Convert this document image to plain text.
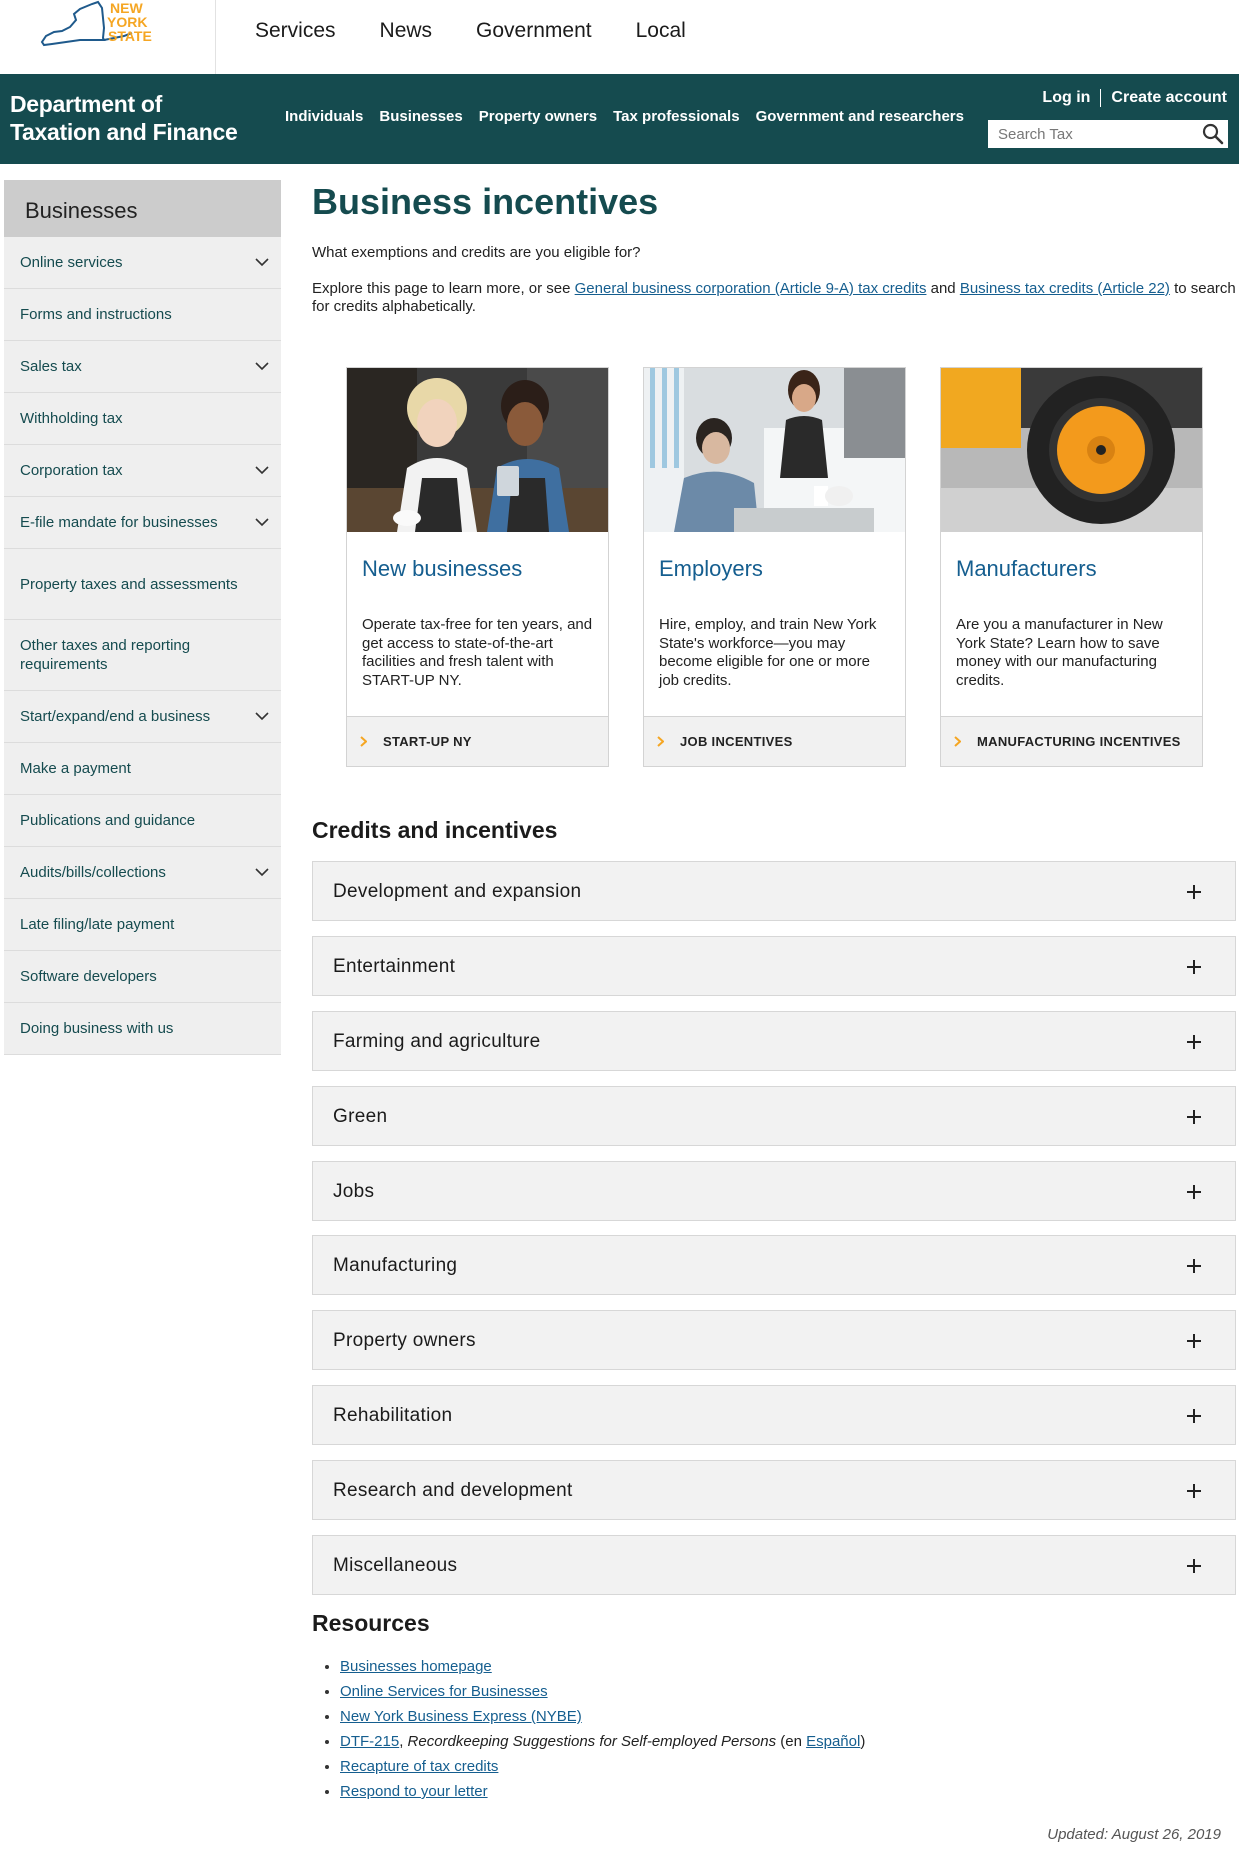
NEW
YORK
STATE	Services News Government Local
Department of
Taxation and Finance
Individuals Businesses Property owners Tax professionals Government and researchers
Log in Create account
Search Tax
Businesses
Online services
Forms and instructions
Sales tax
Withholding tax
Corporation tax
E-file mandate for businesses
Property taxes and assessments
Other taxes and reporting requirements
Start/expand/end a business
Make a payment
Publications and guidance
Audits/bills/collections
Late filing/late payment
Software developers
Doing business with us
Business incentives

What exemptions and credits are you eligible for?

Explore this page to learn more, or see General business corporation (Article 9-A) tax credits and Business tax credits (Article 22) to search for credits alphabetically.

New businesses
Operate tax-free for ten years, and get access to state-of-the-art facilities and fresh talent with START-UP NY.
START-UP NY
Employers
Hire, employ, and train New York State's workforce—you may become eligible for one or more job credits.
JOB INCENTIVES
Manufacturers
Are you a manufacturer in New York State? Learn how to save money with our manufacturing credits.
MANUFACTURING INCENTIVES
Credits and incentives
Development and expansion
Entertainment
Farming and agriculture
Green
Jobs
Manufacturing
Property owners
Rehabilitation
Research and development
Miscellaneous
Resources
Businesses homepage
Online Services for Businesses
New York Business Express (NYBE)
DTF-215, Recordkeeping Suggestions for Self-employed Persons (en Español)
Recapture of tax credits
Respond to your letter
Updated: August 26, 2019
